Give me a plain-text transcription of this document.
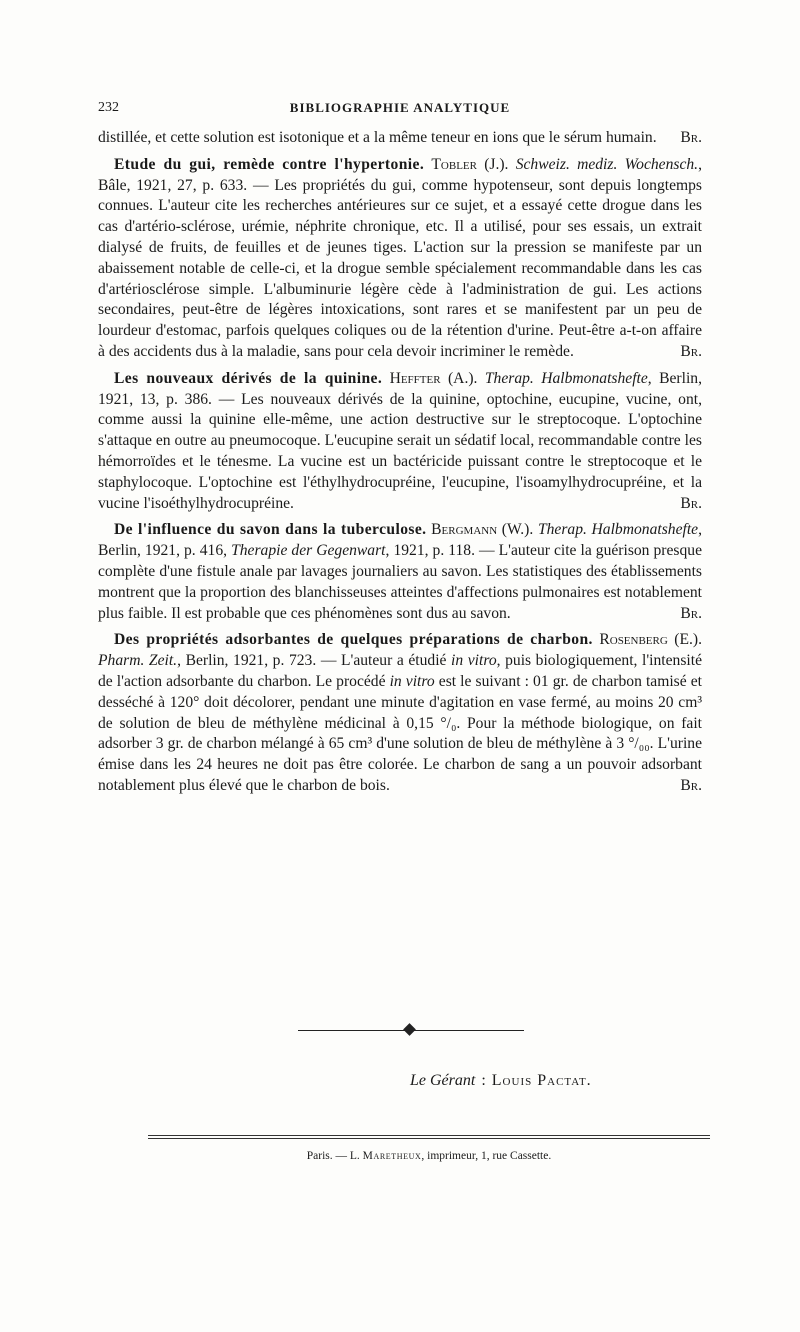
232	BIBLIOGRAPHIE ANALYTIQUE

distillée, et cette solution est isotonique et a la même teneur en ions que le sérum humain. Br.

Etude du gui, remède contre l'hypertonie. Tobler (J.). Schweiz. mediz. Wochensch., Bâle, 1921, 27, p. 633. — Les propriétés du gui, comme hypotenseur, sont depuis longtemps connues. L'auteur cite les recherches antérieures sur ce sujet, et a essayé cette drogue dans les cas d'artério-sclérose, urémie, néphrite chronique, etc. Il a utilisé, pour ses essais, un extrait dialysé de fruits, de feuilles et de jeunes tiges. L'action sur la pression se manifeste par un abaissement notable de celle-ci, et la drogue semble spécialement recommandable dans les cas d'artériosclérose simple. L'albuminurie légère cède à l'administration de gui. Les actions secondaires, peut-être de légères intoxications, sont rares et se manifestent par un peu de lourdeur d'estomac, parfois quelques coliques ou de la rétention d'urine. Peut-être a-t-on affaire à des accidents dus à la maladie, sans pour cela devoir incriminer le remède.	Br.

Les nouveaux dérivés de la quinine. Heffter (A.). Therap. Halbmonatshefte, Berlin, 1921, 13, p. 386. — Les nouveaux dérivés de la quinine, optochine, eucupine, vucine, ont, comme aussi la quinine elle-même, une action destructive sur le streptocoque. L'optochine s'attaque en outre au pneumocoque. L'eucupine serait un sédatif local, recommandable contre les hémorroïdes et le ténesme. La vucine est un bactéricide puissant contre le streptocoque et le staphylocoque. L'optochine est l'éthylhydrocupréine, l'eucupine, l'isoamylhydrocupréine, et la vucine l'isoéthylhydrocupréine.	Br.

De l'influence du savon dans la tuberculose. Bergmann (W.). Therap. Halbmonatshefte, Berlin, 1921, p. 416, Therapie der Gegenwart, 1921, p. 118. — L'auteur cite la guérison presque complète d'une fistule anale par lavages journaliers au savon. Les statistiques des établissements montrent que la proportion des blanchisseuses atteintes d'affections pulmonaires est notablement plus faible. Il est probable que ces phénomènes sont dus au savon.	Br.

Des propriétés adsorbantes de quelques préparations de charbon. Rosenberg (E.). Pharm. Zeit., Berlin, 1921, p. 723. — L'auteur a étudié in vitro, puis biologiquement, l'intensité de l'action adsorbante du charbon. Le procédé in vitro est le suivant : 01 gr. de charbon tamisé et desséché à 120° doit décolorer, pendant une minute d'agitation en vase fermé, au moins 20 cm³ de solution de bleu de méthylène médicinal à 0,15 °/₀. Pour la méthode biologique, on fait adsorber 3 gr. de charbon mélangé à 65 cm³ d'une solution de bleu de méthylène à 3 °/₀₀. L'urine émise dans les 24 heures ne doit pas être colorée. Le charbon de sang a un pouvoir adsorbant notablement plus élevé que le charbon de bois.	Br.

Le Gérant : Louis Pactat.
Paris. — L. Maretheux, imprimeur, 1, rue Cassette.
